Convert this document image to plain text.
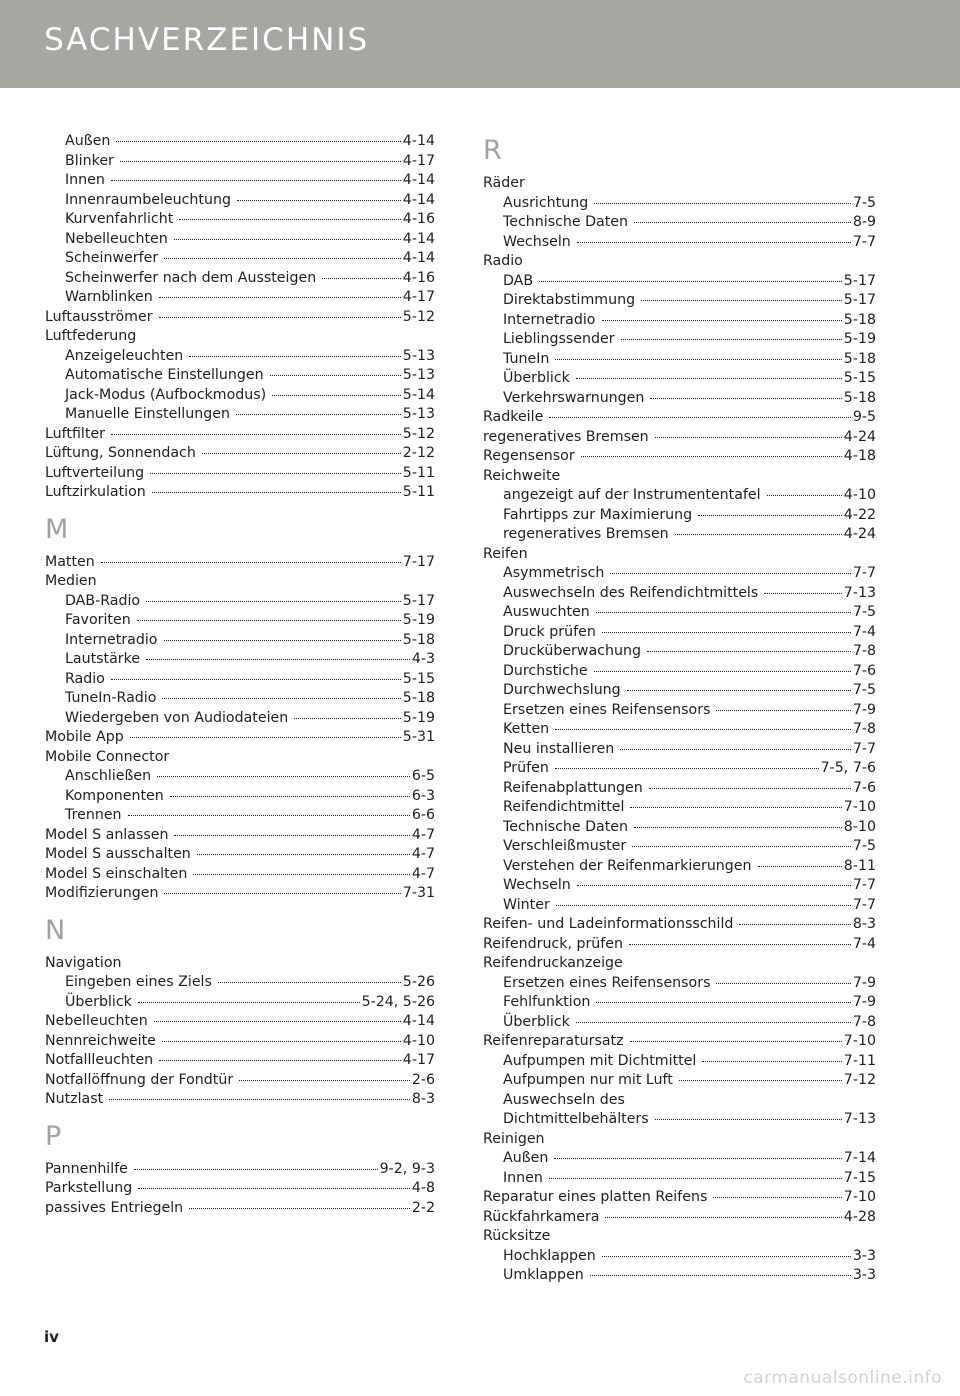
SACHVERZEICHNIS
Außen	4-14
Blinker	4-17
Innen	4-14
Innenraumbeleuchtung	4-14
Kurvenfahrlicht	4-16
Nebelleuchten	4-14
Scheinwerfer	4-14
Scheinwerfer nach dem Aussteigen	4-16
Warnblinken	4-17
Luftausströmer	5-12
Luftfederung
Anzeigeleuchten	5-13
Automatische Einstellungen	5-13
Jack-Modus (Aufbockmodus)	5-14
Manuelle Einstellungen	5-13
Luftfilter	5-12
Lüftung, Sonnendach	2-12
Luftverteilung	5-11
Luftzirkulation	5-11
M
Matten	7-17
Medien
DAB-Radio	5-17
Favoriten	5-19
Internetradio	5-18
Lautstärke	4-3
Radio	5-15
TuneIn-Radio	5-18
Wiedergeben von Audiodateien	5-19
Mobile App	5-31
Mobile Connector
Anschließen	6-5
Komponenten	6-3
Trennen	6-6
Model S anlassen	4-7
Model S ausschalten	4-7
Model S einschalten	4-7
Modifizierungen	7-31
N
Navigation
Eingeben eines Ziels	5-26
Überblick	5-24, 5-26
Nebelleuchten	4-14
Nennreichweite	4-10
Notfallleuchten	4-17
Notfallöffnung der Fondtür	2-6
Nutzlast	8-3
P
Pannenhilfe	9-2, 9-3
Parkstellung	4-8
passives Entriegeln	2-2
R
Räder
Ausrichtung	7-5
Technische Daten	8-9
Wechseln	7-7
Radio
DAB	5-17
Direktabstimmung	5-17
Internetradio	5-18
Lieblingssender	5-19
TuneIn	5-18
Überblick	5-15
Verkehrswarnungen	5-18
Radkeile	9-5
regeneratives Bremsen	4-24
Regensensor	4-18
Reichweite
angezeigt auf der Instrumententafel	4-10
Fahrtipps zur Maximierung	4-22
regeneratives Bremsen	4-24
Reifen
Asymmetrisch	7-7
Auswechseln des Reifendichtmittels	7-13
Auswuchten	7-5
Druck prüfen	7-4
Drucküberwachung	7-8
Durchstiche	7-6
Durchwechslung	7-5
Ersetzen eines Reifensensors	7-9
Ketten	7-8
Neu installieren	7-7
Prüfen	7-5, 7-6
Reifenabplattungen	7-6
Reifendichtmittel	7-10
Technische Daten	8-10
Verschleißmuster	7-5
Verstehen der Reifenmarkierungen	8-11
Wechseln	7-7
Winter	7-7
Reifen- und Ladeinformationsschild	8-3
Reifendruck, prüfen	7-4
Reifendruckanzeige
Ersetzen eines Reifensensors	7-9
Fehlfunktion	7-9
Überblick	7-8
Reifenreparatursatz	7-10
Aufpumpen mit Dichtmittel	7-11
Aufpumpen nur mit Luft	7-12
Auswechseln des
Dichtmittelbehälters	7-13
Reinigen
Außen	7-14
Innen	7-15
Reparatur eines platten Reifens	7-10
Rückfahrkamera	4-28
Rücksitze
Hochklappen	3-3
Umklappen	3-3
iv
carmanualsonline.info
